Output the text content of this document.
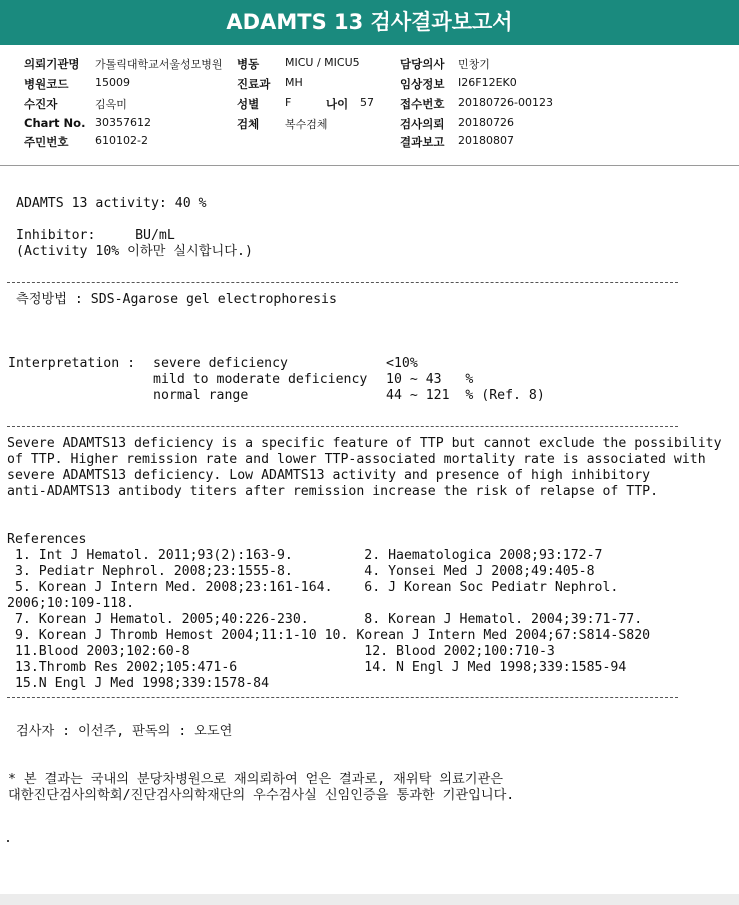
ADAMTS 13 검사결과보고서
의뢰기관명 가톨릭대학교서울성모병원 병동 MICU / MICU5	담당의사 민창기
병원코드 15009	진료과 MH	임상정보 I26F12EK0
수진자	김옥미	성별 F	나이 57 접수번호 20180726-00123
Chart No. 30357612	검체 복수검체	검사의뢰 20180726
주민번호 610102-2	결과보고 20180807
ADAMTS 13 activity: 40 %
Inhibitor:     BU/mL
(Activity 10% 이하만 실시합니다.)
측정방법 : SDS-Agarose gel electrophoresis
Interpretation : severe deficiency	<10%
mild to moderate deficiency 10 ~ 43   %
normal range	44 ~ 121  % (Ref. 8)
Severe ADAMTS13 deficiency is a specific feature of TTP but cannot exclude the possibility
of TTP. Higher remission rate and lower TTP-associated mortality rate is associated with
severe ADAMTS13 deficiency. Low ADAMTS13 activity and presence of high inhibitory
anti-ADAMTS13 antibody titers after remission increase the risk of relapse of TTP.
References
1. Int J Hematol. 2011;93(2):163-9.         2. Haematologica 2008;93:172-7
3. Pediatr Nephrol. 2008;23:1555-8.         4. Yonsei Med J 2008;49:405-8
5. Korean J Intern Med. 2008;23:161-164.    6. J Korean Soc Pediatr Nephrol.
2006;10:109-118.
7. Korean J Hematol. 2005;40:226-230.       8. Korean J Hematol. 2004;39:71-77.
9. Korean J Thromb Hemost 2004;11:1-10 10. Korean J Intern Med 2004;67:S814-S820
11.Blood 2003;102:60-8                      12. Blood 2002;100:710-3
13.Thromb Res 2002;105:471-6                14. N Engl J Med 1998;339:1585-94
15.N Engl J Med 1998;339:1578-84
검사자 : 이선주, 판독의 : 오도연
* 본 결과는 국내의 분당차병원으로 재의뢰하여 얻은 결과로, 재위탁 의료기관은
대한진단검사의학회/진단검사의학재단의 우수검사실 신임인증을 통과한 기관입니다.
